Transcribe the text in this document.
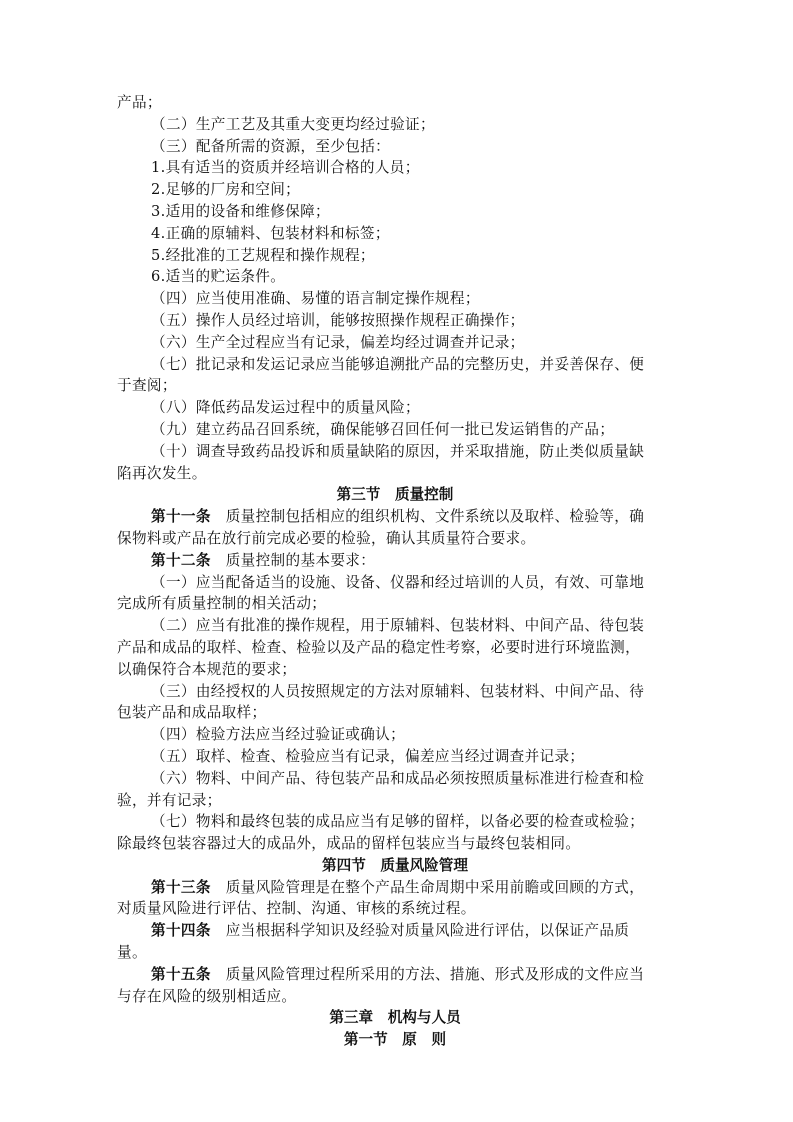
产品；
（二）生产工艺及其重大变更均经过验证；
（三）配备所需的资源，至少包括：
1.具有适当的资质并经培训合格的人员；
2.足够的厂房和空间；
3.适用的设备和维修保障；
4.正确的原辅料、包装材料和标签；
5.经批准的工艺规程和操作规程；
6.适当的贮运条件。
（四）应当使用准确、易懂的语言制定操作规程；
（五）操作人员经过培训，能够按照操作规程正确操作；
（六）生产全过程应当有记录，偏差均经过调查并记录；
（七）批记录和发运记录应当能够追溯批产品的完整历史，并妥善保存、便
于查阅；
（八）降低药品发运过程中的质量风险；
（九）建立药品召回系统，确保能够召回任何一批已发运销售的产品；
（十）调查导致药品投诉和质量缺陷的原因，并采取措施，防止类似质量缺
陷再次发生。
第三节　质量控制
第十一条　质量控制包括相应的组织机构、文件系统以及取样、检验等，确
保物料或产品在放行前完成必要的检验，确认其质量符合要求。
第十二条　质量控制的基本要求：
（一）应当配备适当的设施、设备、仪器和经过培训的人员，有效、可靠地
完成所有质量控制的相关活动；
（二）应当有批准的操作规程，用于原辅料、包装材料、中间产品、待包装
产品和成品的取样、检查、检验以及产品的稳定性考察，必要时进行环境监测，
以确保符合本规范的要求；
（三）由经授权的人员按照规定的方法对原辅料、包装材料、中间产品、待
包装产品和成品取样；
（四）检验方法应当经过验证或确认；
（五）取样、检查、检验应当有记录，偏差应当经过调查并记录；
（六）物料、中间产品、待包装产品和成品必须按照质量标准进行检查和检
验，并有记录；
（七）物料和最终包装的成品应当有足够的留样，以备必要的检查或检验；
除最终包装容器过大的成品外，成品的留样包装应当与最终包装相同。
第四节　质量风险管理
第十三条　质量风险管理是在整个产品生命周期中采用前瞻或回顾的方式，
对质量风险进行评估、控制、沟通、审核的系统过程。
第十四条　应当根据科学知识及经验对质量风险进行评估，以保证产品质
量。
第十五条　质量风险管理过程所采用的方法、措施、形式及形成的文件应当
与存在风险的级别相适应。
第三章　机构与人员
第一节　原　则
